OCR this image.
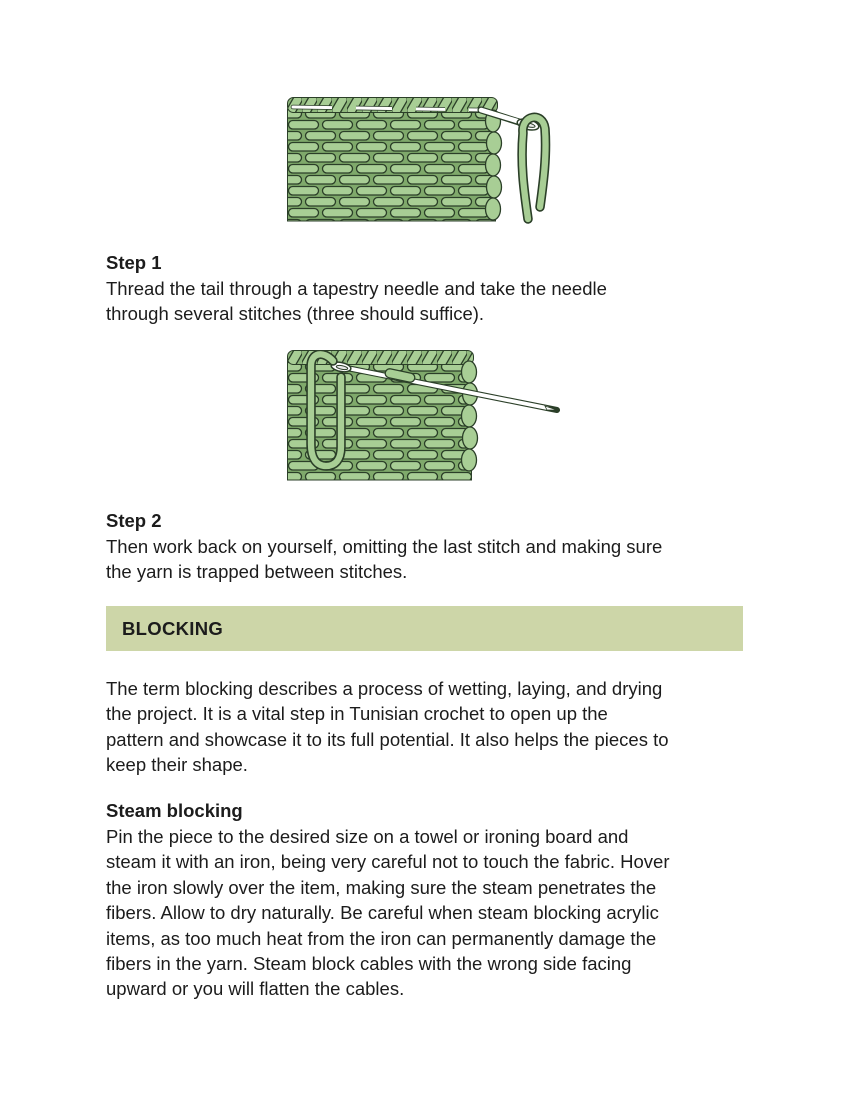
Step 1

Thread the tail through a tapestry needle and take the needle
through several stitches (three should suffice).

Step 2

Then work back on yourself, omitting the last stitch and making sure
the yarn is trapped between stitches.

BLOCKING

The term blocking describes a process of wetting, laying, and drying
the project. It is a vital step in Tunisian crochet to open up the
pattern and showcase it to its full potential. It also helps the pieces to
keep their shape.

Steam blocking

Pin the piece to the desired size on a towel or ironing board and
steam it with an iron, being very careful not to touch the fabric. Hover
the iron slowly over the item, making sure the steam penetrates the
fibers. Allow to dry naturally. Be careful when steam blocking acrylic
items, as too much heat from the iron can permanently damage the
fibers in the yarn. Steam block cables with the wrong side facing
upward or you will flatten the cables.
